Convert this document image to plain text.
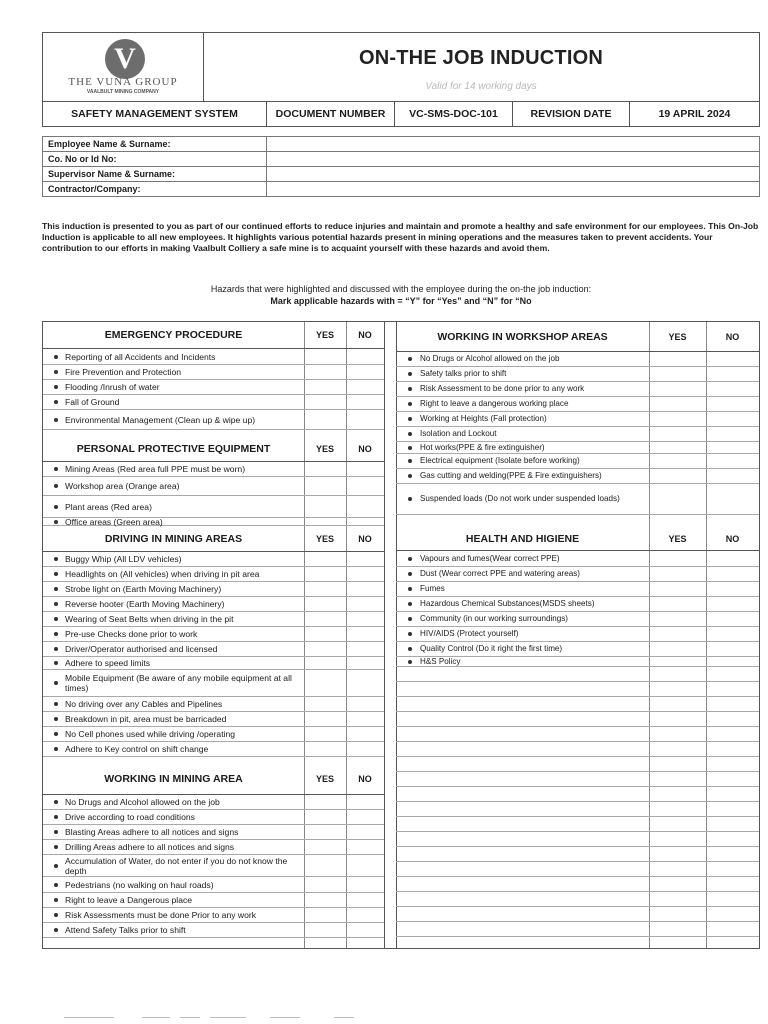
V
THE VUNA GROUP
VAALBULT MINING COMPANY
ON-THE JOB INDUCTION
Valid for 14 working days
SAFETY MANAGEMENT SYSTEM	DOCUMENT NUMBER	VC-SMS-DOC-101	REVISION DATE	19 APRIL 2024
Employee Name & Surname:	
Co. No or Id No:	
Supervisor Name & Surname:	
Contractor/Company:	
This induction is presented to you as part of our continued efforts to reduce injuries and maintain and promote a healthy and safe environment for our employees. This On-Job Induction is applicable to all new employees. It highlights various potential hazards present in mining operations and the measures taken to prevent accidents. Your contribution to our efforts in making Vaalbult Colliery a safe mine is to acquaint yourself with these hazards and avoid them.
Hazards that were highlighted and discussed with the employee during the on-the job induction:
Mark applicable hazards with = “Y” for “Yes” and “N” for “No
EMERGENCY PROCEDURE	YES	NO
Reporting of all Accidents and Incidents
Fire Prevention and Protection
Flooding /Inrush of water
Fall of Ground
Environmental Management (Clean up & wipe up)
PERSONAL PROTECTIVE EQUIPMENT	YES	NO
Mining Areas (Red area full PPE must be worn)
Workshop area (Orange area)
Plant areas (Red area)
Office areas (Green area)
DRIVING IN MINING AREAS	YES	NO
Buggy Whip (All LDV vehicles)
Headlights on (All vehicles) when driving in pit area
Strobe light on (Earth Moving Machinery)
Reverse hooter (Earth Moving Machinery)
Wearing of Seat Belts when driving in the pit
Pre-use Checks done prior to work
Driver/Operator authorised and licensed
Adhere to speed limits
Mobile Equipment (Be aware of any mobile equipment at all times)
No driving over any Cables and Pipelines
Breakdown in pit, area must be barricaded
No Cell phones used while driving /operating
Adhere to Key control on shift change
WORKING IN MINING AREA	YES	NO
No Drugs and Alcohol allowed on the job
Drive according to road conditions
Blasting Areas adhere to all notices and signs
Drilling Areas adhere to all notices and signs
Accumulation of Water, do not enter if you do not know the depth
Pedestrians (no walking on haul roads)
Right to leave a Dangerous place
Risk Assessments must be done Prior to any work
Attend Safety Talks prior to shift
WORKING IN WORKSHOP AREAS	YES	NO
No Drugs or Alcohol allowed on the job
Safety talks prior to shift
Risk Assessment to be done prior to any work
Right to leave a dangerous working place
Working at Heights (Fall protection)
Isolation and Lockout
Hot works(PPE & fire extinguisher)
Electrical equipment (Isolate before working)
Gas cutting and welding(PPE & Fire extinguishers)
Suspended loads (Do not work under suspended loads)
HEALTH AND HIGIENE	YES	NO
Vapours and fumes(Wear correct PPE)
Dust (Wear correct PPE and watering areas)
Fumes
Hazardous Chemical Substances(MSDS sheets)
Community (in our working surroundings)
HIV/AIDS (Protect yourself)
Quality Control (Do it right the first time)
H&S Policy
